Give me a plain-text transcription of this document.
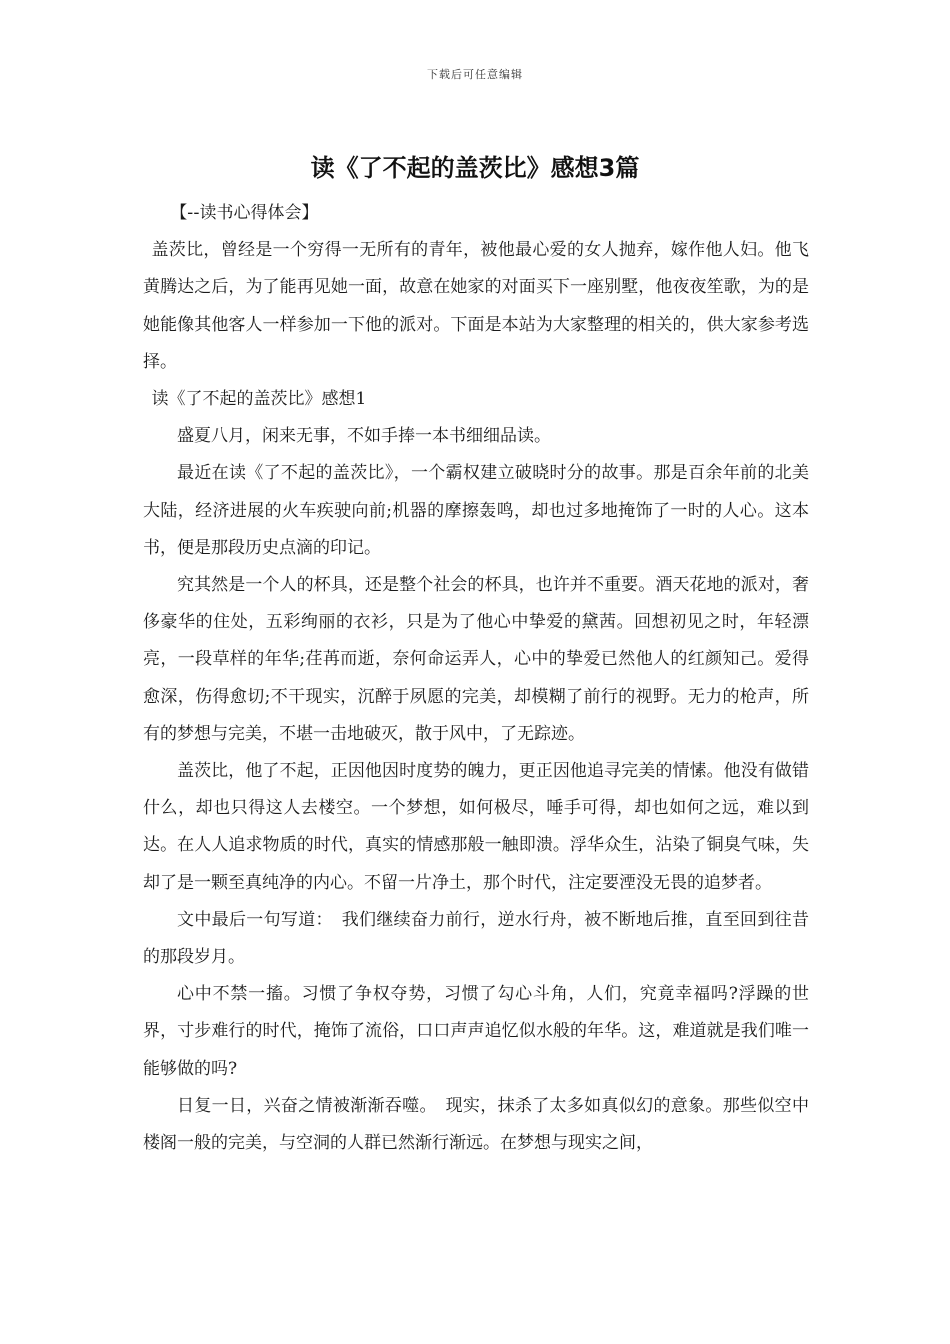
下载后可任意编辑
读《了不起的盖茨比》感想3篇

【--读书心得体会】

盖茨比，曾经是一个穷得一无所有的青年，被他最心爱的女人抛弃，嫁作他人妇。他飞黄腾达之后，为了能再见她一面，故意在她家的对面买下一座别墅，他夜夜笙歌，为的是她能像其他客人一样参加一下他的派对。下面是本站为大家整理的相关的，供大家参考选择。

读《了不起的盖茨比》感想1

盛夏八月，闲来无事，不如手捧一本书细细品读。

最近在读《了不起的盖茨比》，一个霸权建立破晓时分的故事。那是百余年前的北美大陆，经济进展的火车疾驶向前;机器的摩擦轰鸣，却也过多地掩饰了一时的人心。这本书，便是那段历史点滴的印记。

究其然是一个人的杯具，还是整个社会的杯具，也许并不重要。酒天花地的派对，奢侈豪华的住处，五彩绚丽的衣衫，只是为了他心中挚爱的黛茜。回想初见之时，年轻漂亮，一段草样的年华;荏苒而逝，奈何命运弄人，心中的挚爱已然他人的红颜知己。爱得愈深，伤得愈切;不干现实，沉醉于夙愿的完美，却模糊了前行的视野。无力的枪声，所有的梦想与完美，不堪一击地破灭，散于风中，了无踪迹。

盖茨比，他了不起，正因他因时度势的魄力，更正因他追寻完美的情愫。他没有做错什么，却也只得这人去楼空。一个梦想，如何极尽，唾手可得，却也如何之远，难以到达。在人人追求物质的时代，真实的情感那般一触即溃。浮华众生，沾染了铜臭气味，失却了是一颗至真纯净的内心。不留一片净土，那个时代，注定要湮没无畏的追梦者。

文中最后一句写道：　我们继续奋力前行，逆水行舟，被不断地后推，直至回到往昔的那段岁月。

心中不禁一搐。习惯了争权夺势，习惯了勾心斗角，人们，究竟幸福吗?浮躁的世界，寸步难行的时代，掩饰了流俗，口口声声追忆似水般的年华。这，难道就是我们唯一能够做的吗?

日复一日，兴奋之情被渐渐吞噬。　现实，抹杀了太多如真似幻的意象。那些似空中楼阁一般的完美，与空洞的人群已然渐行渐远。在梦想与现实之间，
